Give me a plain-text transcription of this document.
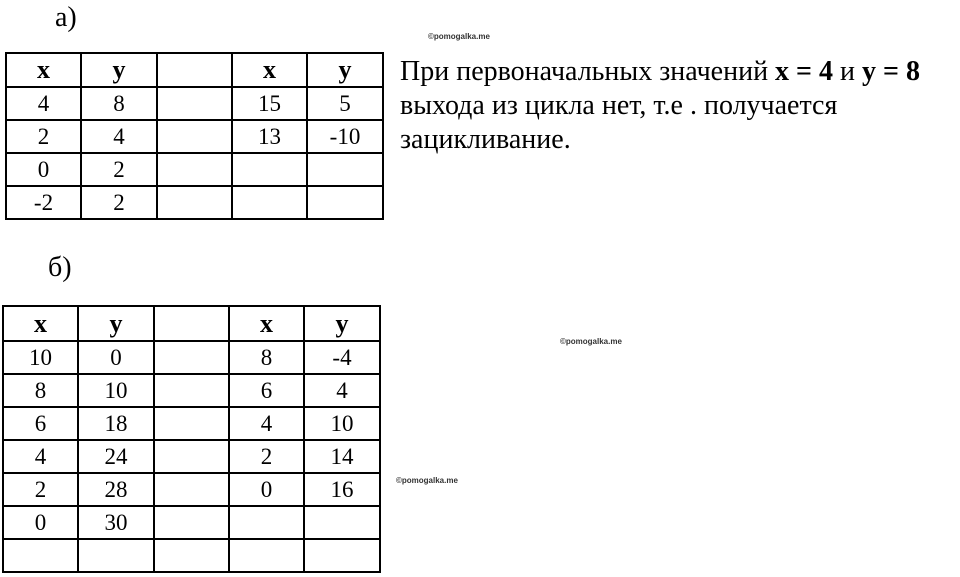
а)
x	y		x	y
4	8		15	5
2	4		13	-10
0	2			
-2	2			
При первоначальных значений x = 4 и y = 8
выхода из цикла нет, т.е . получается
зацикливание.
б)
x	y		x	y
10	0		8	-4
8	10		6	4
6	18		4	10
4	24		2	14
2	28		0	16
0	30			

©pomogalka.me
©pomogalka.me
©pomogalka.me
